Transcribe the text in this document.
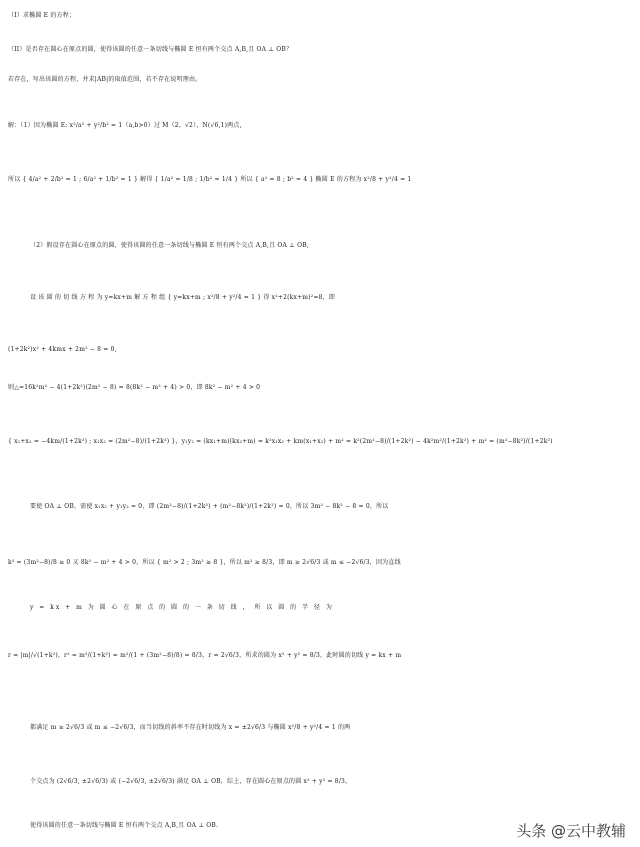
（I）求椭圆 E 的方程；
（II）是否存在圆心在原点的圆，使得该圆的任意一条切线与椭圆 E 恒有两个交点 A,B,且 OA ⊥ OB？
若存在，写出该圆的方程，并求|AB|的取值范围，若不存在说明理由。
解：（1）因为椭圆 E: x²/a² + y²/b² = 1（a,b>0）过 M（2，√2），N(√6,1)两点,
所以 { 4/a² + 2/b² = 1 ; 6/a² + 1/b² = 1 } 解得 { 1/a² = 1/8 ; 1/b² = 1/4 } 所以 { a² = 8 ; b² = 4 } 椭圆 E 的方程为 x²/8 + y²/4 = 1
（2）假设存在圆心在原点的圆，使得该圆的任意一条切线与椭圆 E 恒有两个交点 A,B,且 OA ⊥ OB,
设 该 圆 的 切 线 方 程 为 y=kx+m 解 方 程 组 { y=kx+m ; x²/8 + y²/4 = 1 } 得 x²+2(kx+m)²=8，即
(1+2k²)x² + 4kmx + 2m² − 8 = 0,
则△=16k²m² − 4(1+2k²)(2m² − 8) = 8(8k² − m² + 4) > 0，即 8k² − m² + 4 > 0
{ x₁+x₂ = −4km/(1+2k²) ; x₁x₂ = (2m²−8)/(1+2k²) }，y₁y₂ = (kx₁+m)(kx₂+m) = k²x₁x₂ + km(x₁+x₂) + m² = k²(2m²−8)/(1+2k²) − 4k²m²/(1+2k²) + m² = (m²−8k²)/(1+2k²)
要使 OA ⊥ OB，需使 x₁x₂ + y₁y₂ = 0，即 (2m²−8)/(1+2k²) + (m²−8k²)/(1+2k²) = 0，所以 3m² − 8k² − 8 = 0，所以
k² = (3m²−8)/8 ≥ 0 又 8k² − m² + 4 > 0，所以 { m² > 2 ; 3m² ≥ 8 }，所以 m² ≥ 8/3，即 m ≥ 2√6/3 或 m ≤ −2√6/3，因为直线
y = kx + m 为 圆 心 在 原 点 的 圆 的 一 条 切 线 ， 所 以 圆 的 半 径 为
r = |m|/√(1+k²)，r² = m²/(1+k²) = m²/(1 + (3m²−8)/8) = 8/3，r = 2√6/3，所求的圆为 x² + y² = 8/3，此时圆的切线 y = kx + m
都满足 m ≥ 2√6/3 或 m ≤ −2√6/3，而当切线的斜率不存在时切线为 x = ±2√6/3 与椭圆 x²/8 + y²/4 = 1 的两
个交点为 (2√6/3, ±2√6/3) 或 (−2√6/3, ±2√6/3) 满足 OA ⊥ OB，综上，存在圆心在原点的圆 x² + y² = 8/3，
使得该圆的任意一条切线与椭圆 E 恒有两个交点 A,B,且 OA ⊥ OB.	头条 @云中教辅
